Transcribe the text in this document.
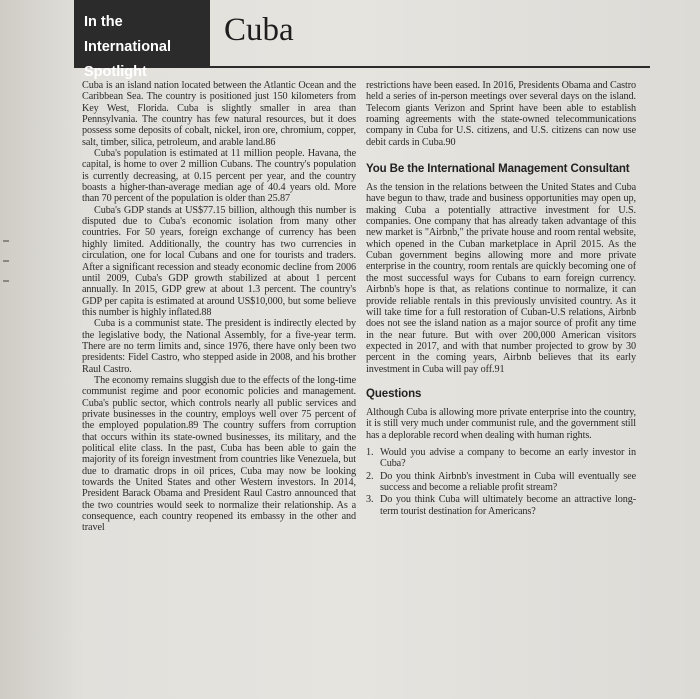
In the International
Spotlight
Cuba

Cuba is an island nation located between the Atlantic Ocean and the Caribbean Sea. The country is positioned just 150 kilometers from Key West, Florida. Cuba is slightly smaller in area than Pennsylvania. The country has few natural resources, but it does possess some deposits of cobalt, nickel, iron ore, chromium, copper, salt, timber, silica, petroleum, and arable land.86

Cuba's population is estimated at 11 million people. Havana, the capital, is home to over 2 million Cubans. The country's population is currently decreasing, at 0.15 percent per year, and the country boasts a higher-than-average median age of 40.4 years old. More than 70 percent of the population is older than 25.87

Cuba's GDP stands at US$77.15 billion, although this number is disputed due to Cuba's economic isolation from many other countries. For 50 years, foreign exchange of currency has been highly limited. Additionally, the country has two currencies in circulation, one for local Cubans and one for tourists and traders. After a significant recession and steady economic decline from 2006 until 2009, Cuba's GDP growth stabilized at about 1 percent annually. In 2015, GDP grew at about 1.3 percent. The country's GDP per capita is estimated at around US$10,000, but some believe this number is highly inflated.88

Cuba is a communist state. The president is indirectly elected by the legislative body, the National Assembly, for a five-year term. There are no term limits and, since 1976, there have only been two presidents: Fidel Castro, who stepped aside in 2008, and his brother Raul Castro.

The economy remains sluggish due to the effects of the long-time communist regime and poor economic policies and management. Cuba's public sector, which controls nearly all public services and private businesses in the country, employs well over 75 percent of the employed population.89 The country suffers from corruption that occurs within its state-owned businesses, its military, and the political elite class. In the past, Cuba has been able to gain the majority of its foreign investment from countries like Venezuela, but due to dramatic drops in oil prices, Cuba may now be looking towards the United States and other Western investors. In 2014, President Barack Obama and President Raul Castro announced that the two countries would seek to normalize their relationship. As a consequence, each country reopened its embassy in the other and travel

restrictions have been eased. In 2016, Presidents Obama and Castro held a series of in-person meetings over several days on the island. Telecom giants Verizon and Sprint have been able to establish roaming agreements with the state-owned telecommunications company in Cuba for U.S. citizens, and U.S. citizens can now use debit cards in Cuba.90

You Be the International Management Consultant

As the tension in the relations between the United States and Cuba have begun to thaw, trade and business opportunities may open up, making Cuba a potentially attractive investment for U.S. companies. One company that has already taken advantage of this new market is "Airbnb," the private house and room rental website, which opened in the Cuban marketplace in April 2015. As the Cuban government begins allowing more and more private enterprise in the country, room rentals are quickly becoming one of the most successful ways for Cubans to earn foreign currency. Airbnb's hope is that, as relations continue to normalize, it can provide reliable rentals in this previously unvisited country. As it will take time for a full restoration of Cuban-U.S relations, Airbnb does not see the island nation as a major source of profit any time in the near future. But with over 200,000 American visitors expected in 2017, and with that number projected to grow by 30 percent in the coming years, Airbnb believes that its early investment in Cuba will pay off.91

Questions

Although Cuba is allowing more private enterprise into the country, it is still very much under communist rule, and the government still has a deplorable record when dealing with human rights.

1. Would you advise a company to become an early investor in Cuba?
2. Do you think Airbnb's investment in Cuba will eventually see success and become a reliable profit stream?
3. Do you think Cuba will ultimately become an attractive long-term tourist destination for Americans?
